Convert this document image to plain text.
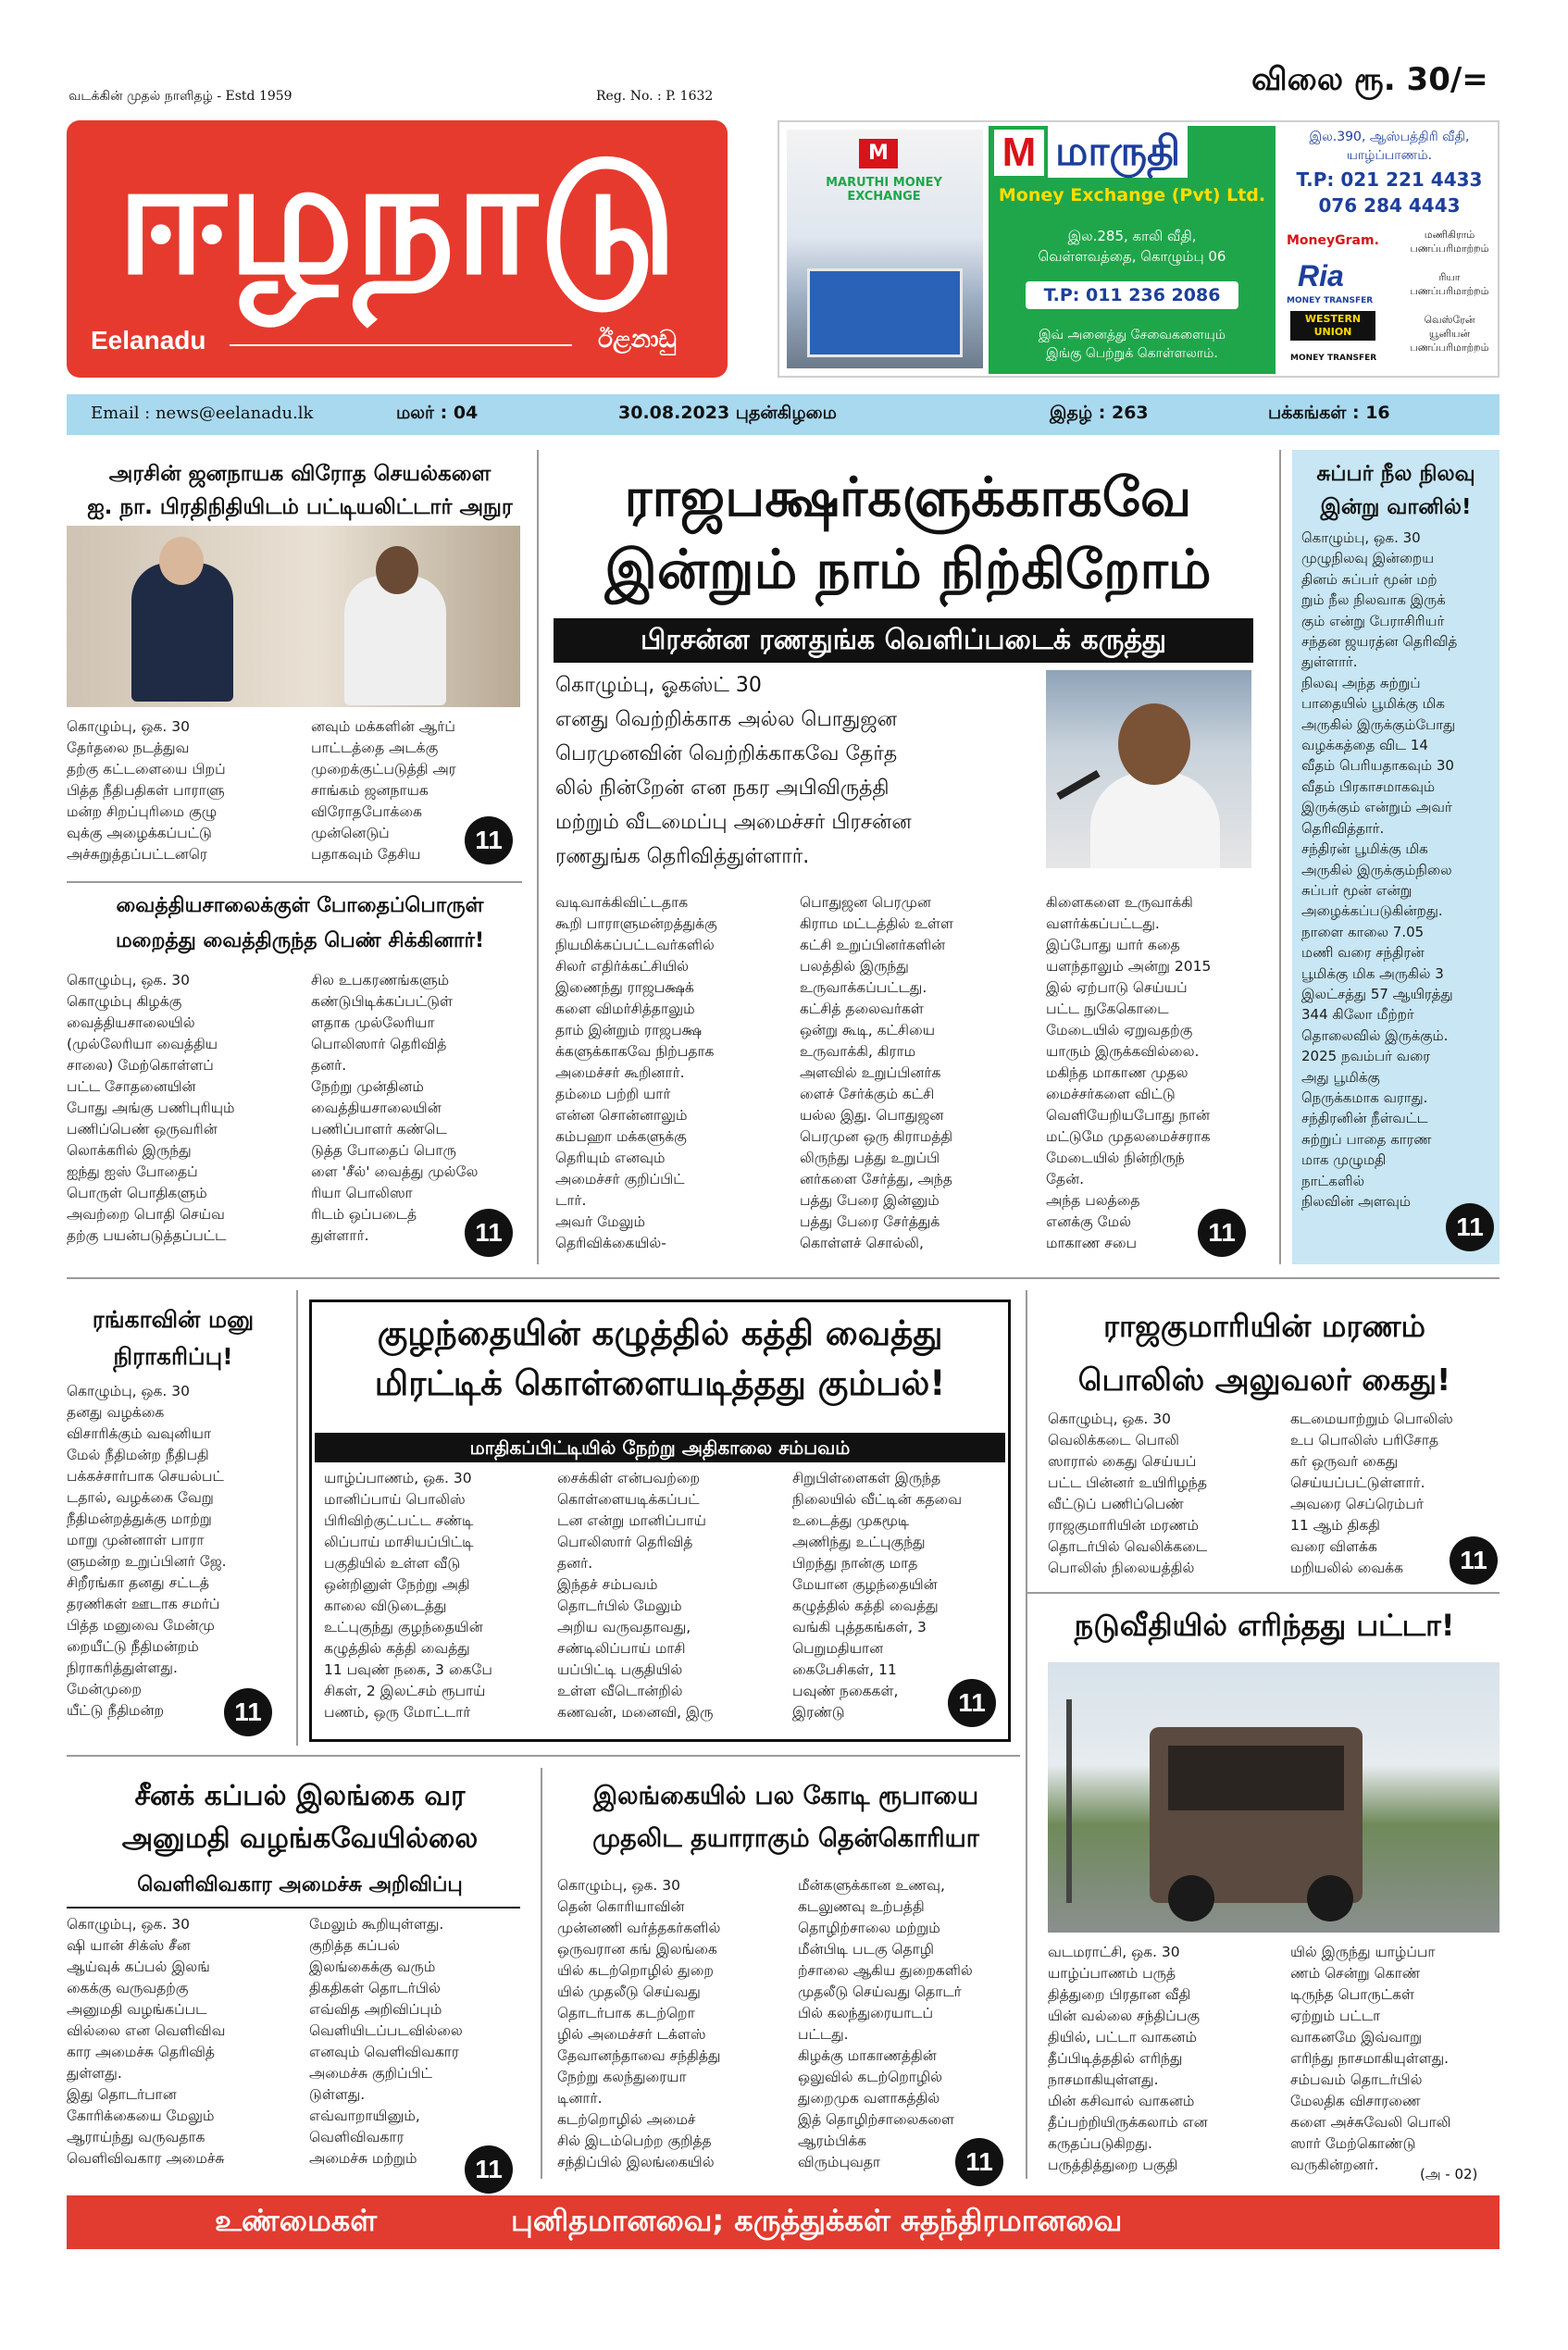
வடக்கின் முதல் நாளிதழ் - Estd 1959	Reg. No. : P. 1632	விலை ரூ. 30/=
ஈழநாடு
Eelanadu	ඊළනාඩු
M
MARUTHI MONEY EXCHANGE
M மாருதி
Money Exchange (Pvt) Ltd.
இல.285, காலி வீதி,
வெள்ளவத்தை, கொழும்பு 06
T.P: 011 236 2086
இவ் அனைத்து சேவைகளையும்
இங்கு பெற்றுக் கொள்ளலாம்.
இல.390, ஆஸ்பத்திரி வீதி,
யாழ்ப்பாணம்.
T.P: 021 221 4433
076 284 4443
MoneyGram.	மணிகிராம்
பணப்பரிமாற்றம்
Ria
MONEY TRANSFER
ரியா
பணப்பரிமாற்றம்
WESTERN
UNION
MONEY TRANSFER
வெஸ்ரேன்
யூனியன்
பணப்பரிமாற்றம்
Email : news@eelanadu.lk	மலர் : 04	30.08.2023 புதன்கிழமை	இதழ் : 263	பக்கங்கள் : 16
அரசின் ஜனநாயக விரோத செயல்களை
ஐ. நா. பிரதிநிதியிடம் பட்டியலிட்டார் அநுர
கொழும்பு, ஒக. 30
தேர்தலை நடத்துவ
தற்கு கட்டளையை பிறப்
பித்த நீதிபதிகள் பாராளு
மன்ற சிறப்புரிமை குழு
வுக்கு அழைக்கப்பட்டு
அச்சுறுத்தப்பட்டனரெ
னவும் மக்களின் ஆர்ப்
பாட்டத்தை அடக்கு
முறைக்குட்படுத்தி அர
சாங்கம் ஜனநாயக
விரோதபோக்கை
முன்னெடுப்
பதாகவும் தேசிய	11
வைத்தியசாலைக்குள் போதைப்பொருள்
மறைத்து வைத்திருந்த பெண் சிக்கினார்!
கொழும்பு, ஒக. 30
கொழும்பு கிழக்கு
வைத்தியசாலையில்
(முல்லேரியா வைத்திய
சாலை) மேற்கொள்ளப்
பட்ட சோதனையின்
போது அங்கு பணிபுரியும்
பணிப்பெண் ஒருவரின்
லொக்கரில் இருந்து
ஐந்து ஐஸ் போதைப்
பொருள் பொதிகளும்
அவற்றை பொதி செய்வ
தற்கு பயன்படுத்தப்பட்ட
சில உபகரணங்களும்
கண்டுபிடிக்கப்பட்டுள்
ளதாக முல்லேரியா
பொலிஸார் தெரிவித்
தனர்.
நேற்று முன்தினம்
வைத்தியசாலையின்
பணிப்பாளர் கண்டெ
டுத்த போதைப் பொரு
ளை 'சீல்' வைத்து முல்லே
ரியா பொலிஸா
ரிடம் ஒப்படைத்
துள்ளார்.	11
ராஜபக்ஷர்களுக்காகவே
இன்றும் நாம் நிற்கிறோம்
பிரசன்ன ரணதுங்க வெளிப்படைக் கருத்து
கொழும்பு, ஓகஸ்ட் 30
எனது வெற்றிக்காக அல்ல பொதுஜன
பெரமுனவின் வெற்றிக்காகவே தேர்த
லில் நின்றேன் என நகர அபிவிருத்தி
மற்றும் வீடமைப்பு அமைச்சர் பிரசன்ன
ரணதுங்க தெரிவித்துள்ளார்.
வடிவாக்கிவிட்டதாக
கூறி பாராளுமன்றத்துக்கு
நியமிக்கப்பட்டவர்களில்
சிலர் எதிர்க்கட்சியில்
இணைந்து ராஜபக்ஷக்
களை விமர்சித்தாலும்
தாம் இன்றும் ராஜபக்ஷ
க்களுக்காகவே நிற்பதாக
அமைச்சர் கூறினார்.
தம்மை பற்றி யார்
என்ன சொன்னாலும்
கம்பஹா மக்களுக்கு
தெரியும் எனவும்
அமைச்சர் குறிப்பிட்
டார்.
அவர் மேலும்
தெரிவிக்கையில்-
பொதுஜன பெரமுன
கிராம மட்டத்தில் உள்ள
கட்சி உறுப்பினர்களின்
பலத்தில் இருந்து
உருவாக்கப்பட்டது.
கட்சித் தலைவர்கள்
ஒன்று கூடி, கட்சியை
உருவாக்கி, கிராம
அளவில் உறுப்பினர்க
ளைச் சேர்க்கும் கட்சி
யல்ல இது. பொதுஜன
பெரமுன ஒரு கிராமத்தி
லிருந்து பத்து உறுப்பி
னர்களை சேர்த்து, அந்த
பத்து பேரை இன்னும்
பத்து பேரை சேர்த்துக்
கொள்ளச் சொல்லி,
கிளைகளை உருவாக்கி
வளர்க்கப்பட்டது.
இப்போது யார் கதை
யளந்தாலும் அன்று 2015
இல் ஏற்பாடு செய்யப்
பட்ட நுகேகொடை
மேடையில் ஏறுவதற்கு
யாரும் இருக்கவில்லை.
மகிந்த மாகாண முதல
மைச்சர்களை விட்டு
வெளியேறியபோது நான்
மட்டுமே முதலமைச்சராக
மேடையில் நின்றிருந்
தேன்.
அந்த பலத்தை
எனக்கு மேல்
மாகாண சபை	11
சுப்பர் நீல நிலவு
இன்று வானில்!
கொழும்பு, ஒக. 30
முழுநிலவு இன்றைய
தினம் சுப்பர் மூன் மற்
றும் நீல நிலவாக இருக்
கும் என்று பேராசிரியர்
சந்தன ஜயரத்ன தெரிவித்
துள்ளார்.
நிலவு அந்த சுற்றுப்
பாதையில் பூமிக்கு மிக
அருகில் இருக்கும்போது
வழக்கத்தை விட 14
வீதம் பெரியதாகவும் 30
வீதம் பிரகாசமாகவும்
இருக்கும் என்றும் அவர்
தெரிவித்தார்.
சந்திரன் பூமிக்கு மிக
அருகில் இருக்கும்நிலை
சுப்பர் மூன் என்று
அழைக்கப்படுகின்றது.
நாளை காலை 7.05
மணி வரை சந்திரன்
பூமிக்கு மிக அருகில் 3
இலட்சத்து 57 ஆயிரத்து
344 கிலோ மீற்றர்
தொலைவில் இருக்கும்.
2025 நவம்பர் வரை
அது பூமிக்கு
நெருக்கமாக வராது.
சந்திரனின் நீள்வட்ட
சுற்றுப் பாதை காரண
மாக முழுமதி
நாட்களில்
நிலவின் அளவும்
11
ரங்காவின் மனு
நிராகரிப்பு!
கொழும்பு, ஒக. 30
தனது வழக்கை
விசாரிக்கும் வவுனியா
மேல் நீதிமன்ற நீதிபதி
பக்கச்சார்பாக செயல்பட்
டதால், வழக்கை வேறு
நீதிமன்றத்துக்கு மாற்று
மாறு முன்னாள் பாரா
ளுமன்ற உறுப்பினர் ஜே.
சிறீரங்கா தனது சட்டத்
தரணிகள் ஊடாக சமர்ப்
பித்த மனுவை மேன்மு
றையீட்டு நீதிமன்றம்
நிராகரித்துள்ளது.
மேன்முறை
யீட்டு நீதிமன்ற	11
குழந்தையின் கழுத்தில் கத்தி வைத்து
மிரட்டிக் கொள்ளையடித்தது கும்பல்!
மாதிகப்பிட்டியில் நேற்று அதிகாலை சம்பவம்
யாழ்ப்பாணம், ஒக. 30
மானிப்பாய் பொலிஸ்
பிரிவிற்குட்பட்ட சண்டி
லிப்பாய் மாசியப்பிட்டி
பகுதியில் உள்ள வீடு
ஒன்றினுள் நேற்று அதி
காலை விடுடைத்து
உட்புகுந்து குழந்தையின்
கழுத்தில் கத்தி வைத்து
11 பவுண் நகை, 3 கைபே
சிகள், 2 இலட்சம் ரூபாய்
பணம், ஒரு மோட்டார்
சைக்கிள் என்பவற்றை
கொள்ளையடிக்கப்பட்
டன என்று மானிப்பாய்
பொலிஸார் தெரிவித்
தனர்.
இந்தச் சம்பவம்
தொடர்பில் மேலும்
அறிய வருவதாவது,
சண்டிலிப்பாய் மாசி
யப்பிட்டி பகுதியில்
உள்ள வீடொன்றில்
கணவன், மனைவி, இரு
சிறுபிள்ளைகள் இருந்த
நிலையில் வீட்டின் கதவை
உடைத்து முகமூடி
அணிந்து உட்புகுந்து
பிறந்து நான்கு மாத
மேயான குழந்தையின்
கழுத்தில் கத்தி வைத்து
வங்கி புத்தகங்கள், 3
பெறுமதியான
கைபேசிகள், 11
பவுண் நகைகள்,
இரண்டு	11
ராஜகுமாரியின் மரணம்
பொலிஸ் அலுவலர் கைது!
கொழும்பு, ஒக. 30
வெலிக்கடை பொலி
ஸாரால் கைது செய்யப்
பட்ட பின்னர் உயிரிழந்த
வீட்டுப் பணிப்பெண்
ராஜகுமாரியின் மரணம்
தொடர்பில் வெலிக்கடை
பொலிஸ் நிலையத்தில்
கடமையாற்றும் பொலிஸ்
உப பொலிஸ் பரிசோத
கர் ஒருவர் கைது
செய்யப்பட்டுள்ளார்.
அவரை செப்ரெம்பர்
11 ஆம் திகதி
வரை விளக்க
மறியலில் வைக்க	11
நடுவீதியில் எரிந்தது பட்டா!
வடமராட்சி, ஒக. 30
யாழ்ப்பாணம் பருத்
தித்துறை பிரதான வீதி
யின் வல்லை சந்திப்பகு
தியில், பட்டா வாகனம்
தீப்பிடித்ததில் எரிந்து
நாசமாகியுள்ளது.
மின் கசிவால் வாகனம்
தீப்பற்றியிருக்கலாம் என
கருதப்படுகிறது.
பருத்தித்துறை பகுதி
யில் இருந்து யாழ்ப்பா
ணம் சென்று கொண்
டிருந்த பொருட்கள்
ஏற்றும் பட்டா
வாகனமே இவ்வாறு
எரிந்து நாசமாகியுள்ளது.
சம்பவம் தொடர்பில்
மேலதிக விசாரணை
களை அச்சுவேலி பொலி
ஸார் மேற்கொண்டு
வருகின்றனர்.
(அ - 02)
சீனக் கப்பல் இலங்கை வர
அனுமதி வழங்கவேயில்லை
வெளிவிவகார அமைச்சு அறிவிப்பு
கொழும்பு, ஒக. 30
ஷி யான் சிக்ஸ் சீன
ஆய்வுக் கப்பல் இலங்
கைக்கு வருவதற்கு
அனுமதி வழங்கப்பட
வில்லை என வெளிவிவ
கார அமைச்சு தெரிவித்
துள்ளது.
இது தொடர்பான
கோரிக்கையை மேலும்
ஆராய்ந்து வருவதாக
வெளிவிவகார அமைச்சு
மேலும் கூறியுள்ளது.
குறித்த கப்பல்
இலங்கைக்கு வரும்
திகதிகள் தொடர்பில்
எவ்வித அறிவிப்பும்
வெளியிடப்படவில்லை
எனவும் வெளிவிவகார
அமைச்சு குறிப்பிட்
டுள்ளது.
எவ்வாறாயினும்,
வெளிவிவகார
அமைச்சு மற்றும்	11
இலங்கையில் பல கோடி ரூபாயை
முதலிட தயாராகும் தென்கொரியா
கொழும்பு, ஒக. 30
தென் கொரியாவின்
முன்னணி வர்த்தகர்களில்
ஒருவரான கங் இலங்கை
யில் கடற்றொழில் துறை
யில் முதலீடு செய்வது
தொடர்பாக கடற்றொ
ழில் அமைச்சர் டக்ளஸ்
தேவானந்தாவை சந்தித்து
நேற்று கலந்துரையா
டினார்.
கடற்றொழில் அமைச்
சில் இடம்பெற்ற குறித்த
சந்திப்பில் இலங்கையில்
மீன்களுக்கான உணவு,
கடலுணவு உற்பத்தி
தொழிற்சாலை மற்றும்
மீன்பிடி படகு தொழி
ற்சாலை ஆகிய துறைகளில்
முதலீடு செய்வது தொடர்
பில் கலந்துரையாடப்
பட்டது.
கிழக்கு மாகாணத்தின்
ஒலுவில் கடற்றொழில்
துறைமுக வளாகத்தில்
இத் தொழிற்சாலைகளை
ஆரம்பிக்க
விரும்புவதா	11
உண்மைகள்	புனிதமானவை; கருத்துக்கள் சுதந்திரமானவை
